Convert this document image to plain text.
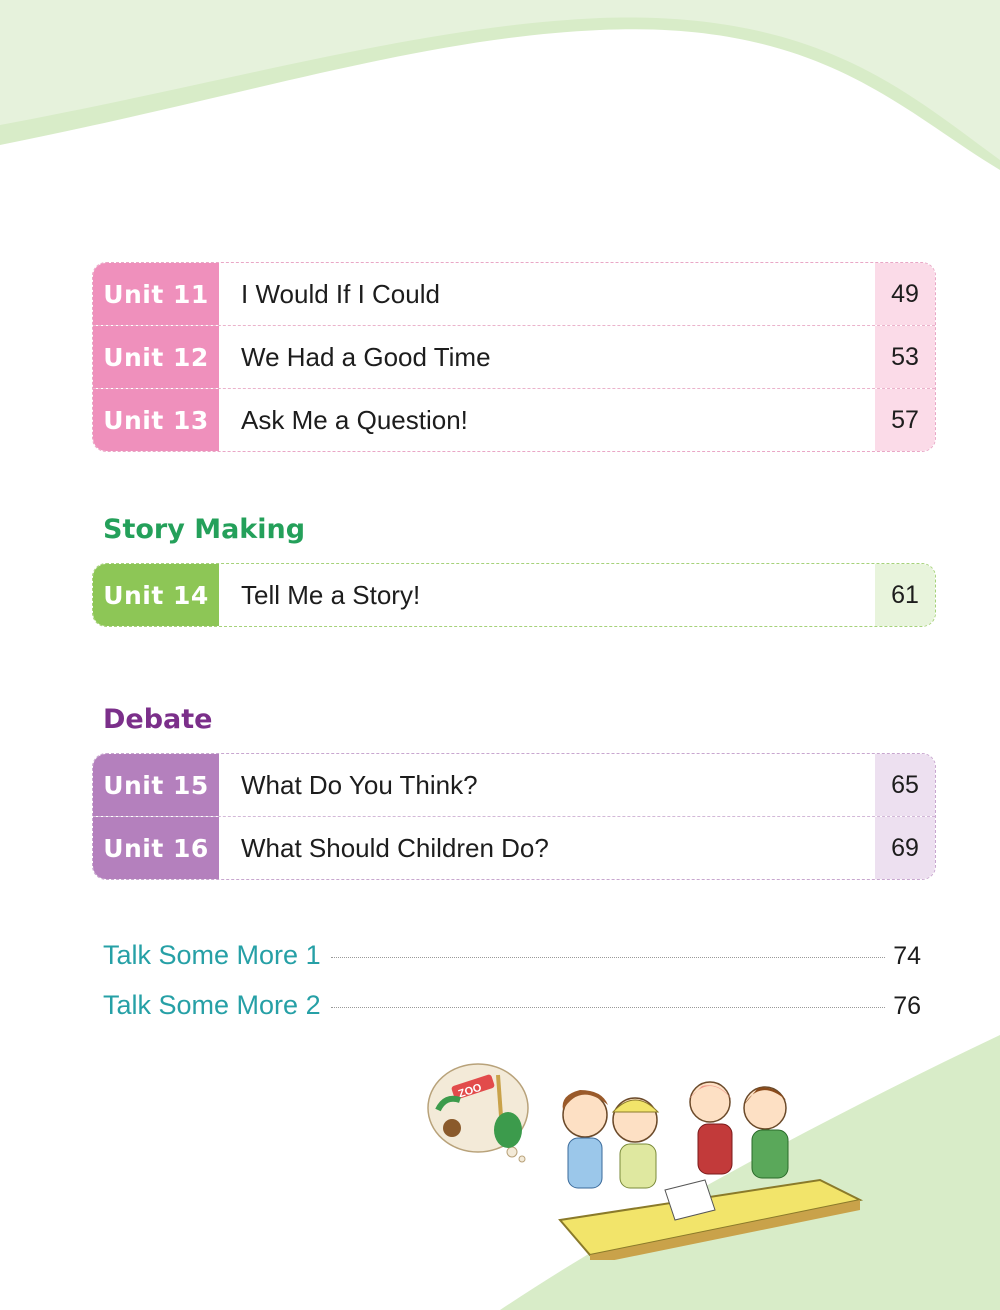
Unit 11	I Would If I Could	49
Unit 12	We Had a Good Time	53
Unit 13	Ask Me a Question!	57
Story Making
Unit 14	Tell Me a Story!	61
Debate
Unit 15	What Do You Think?	65
Unit 16	What Should Children Do?	69
Talk Some More 1	74
Talk Some More 2	76
ZOO
